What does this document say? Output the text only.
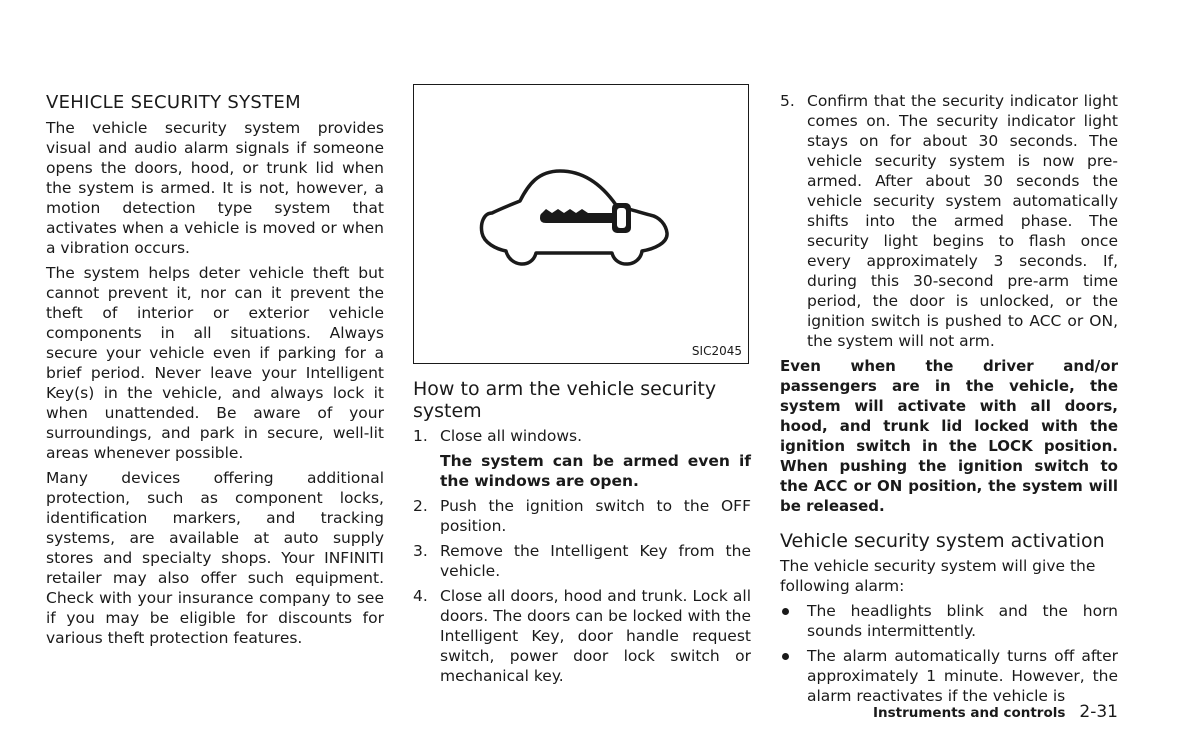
VEHICLE SECURITY SYSTEM

The vehicle security system provides visual and audio alarm signals if someone opens the doors, hood, or trunk lid when the system is armed. It is not, however, a motion detection type system that activates when a vehicle is moved or when a vibration occurs.

The system helps deter vehicle theft but cannot prevent it, nor can it prevent the theft of interior or exterior vehicle components in all situations. Always secure your vehicle even if parking for a brief period. Never leave your Intelligent Key(s) in the vehicle, and always lock it when unattended. Be aware of your surroundings, and park in secure, well-lit areas whenever possible.

Many devices offering additional protection, such as component locks, identification markers, and tracking systems, are available at auto supply stores and specialty shops. Your INFINITI retailer may also offer such equipment. Check with your insurance company to see if you may be eligible for discounts for various theft protection features.

SIC2045
How to arm the vehicle security system
1. Close all windows.

The system can be armed even if the windows are open.

2. Push the ignition switch to the OFF position.

3. Remove the Intelligent Key from the vehicle.

4. Close all doors, hood and trunk. Lock all doors. The doors can be locked with the Intelligent Key, door handle request switch, power door lock switch or mechanical key.

5. Confirm that the security indicator light comes on. The security indicator light stays on for about 30 seconds. The vehicle security system is now pre-armed. After about 30 seconds the vehicle security system automatically shifts into the armed phase. The security light begins to flash once every approximately 3 seconds. If, during this 30-second pre-arm time period, the door is unlocked, or the ignition switch is pushed to ACC or ON, the system will not arm.

Even when the driver and/or passengers are in the vehicle, the system will activate with all doors, hood, and trunk lid locked with the ignition switch in the LOCK position. When pushing the ignition switch to the ACC or ON position, the system will be released.

Vehicle security system activation

The vehicle security system will give the following alarm:

The headlights blink and the horn sounds intermittently.

The alarm automatically turns off after approximately 1 minute. However, the alarm reactivates if the vehicle is

Instruments and controls 2-31
